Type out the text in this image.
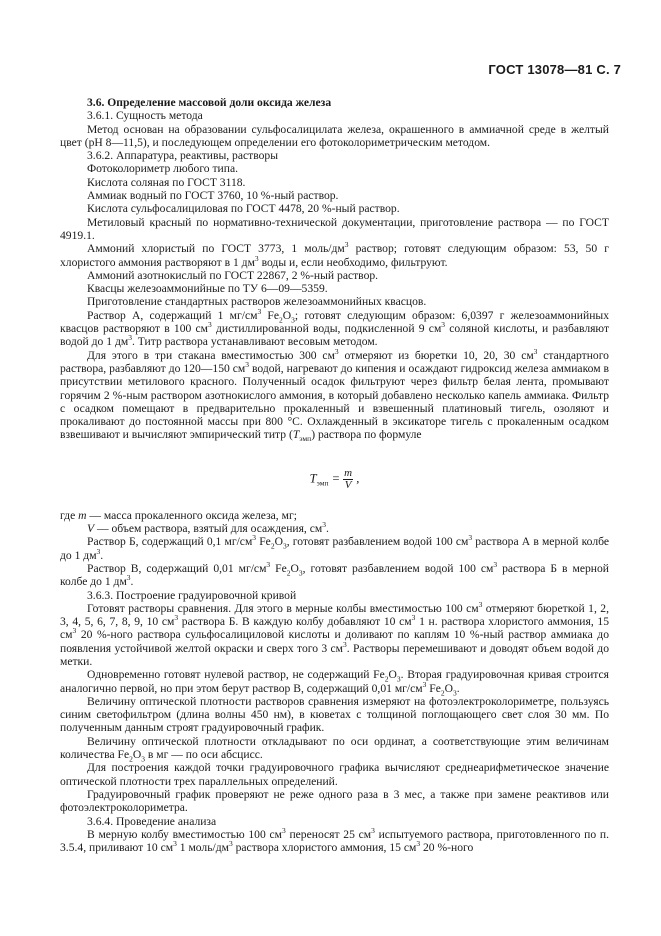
ГОСТ 13078—81 С. 7

3.6. Определение массовой доли оксида железа

3.6.1. Сущность метода

Метод основан на образовании сульфосалицилата железа, окрашенного в аммиачной среде в желтый цвет (рН 8—11,5), и последующем определении его фотоколориметрическим методом.

3.6.2. Аппаратура, реактивы, растворы

Фотоколориметр любого типа.

Кислота соляная по ГОСТ 3118.

Аммиак водный по ГОСТ 3760, 10 %-ный раствор.

Кислота сульфосалициловая по ГОСТ 4478, 20 %-ный раствор.

Метиловый красный по нормативно-технической документации, приготовление раствора — по ГОСТ 4919.1.

Аммоний хлористый по ГОСТ 3773, 1 моль/$дм^3$ раствор; готовят следующим образом: 53, 50 г хлористого аммония растворяют в 1 $дм^3$ воды и, если необходимо, фильтруют.

Аммоний азотнокислый по ГОСТ 22867, 2 %-ный раствор.

Квасцы железоаммонийные по ТУ 6—09—5359.

Приготовление стандартных растворов железоаммонийных квасцов.

Раствор А, содержащий 1 $мг/см^3$ $Fe_2O_3$; готовят следующим образом: 6,0397 г железоаммонийных квасцов растворяют в 100 $см^3$ дистиллированной воды, подкисленной 9 $см^3$ соляной кислоты, и разбавляют водой до 1 $дм^3$. Титр раствора устанавливают весовым методом.

Для этого в три стакана вместимостью 300 $см^3$ отмеряют из бюретки 10, 20, 30 $см^3$ стандартного раствора, разбавляют до 120—150 $см^3$ водой, нагревают до кипения и осаждают гидроксид железа аммиаком в присутствии метилового красного. Полученный осадок фильтруют через фильтр белая лента, промывают горячим 2 %-ным раствором азотнокислого аммония, в который добавлено несколько капель аммиака. Фильтр с осадком помещают в предварительно прокаленный и взвешенный платиновый тигель, озоляют и прокаливают до постоянной массы при 800 °С. Охлажденный в эксикаторе тигель с прокаленным осадком взвешивают и вычисляют эмпирический титр $(T_{эмп})$ раствора по формуле

$T_{эмп} = \frac{m}{V}$ ,

где m — масса прокаленного оксида железа, мг;

V — объем раствора, взятый для осаждения, $см^3$.

Раствор Б, содержащий 0,1 $мг/см^3$ $Fe_2O_3$, готовят разбавлением водой 100 $см^3$ раствора А в мерной колбе до 1 $дм^3$.

Раствор В, содержащий 0,01 $мг/см^3$ $Fe_2O_3$, готовят разбавлением водой 100 $см^3$ раствора Б в мерной колбе до 1 $дм^3$.

3.6.3. Построение градуировочной кривой

Готовят растворы сравнения. Для этого в мерные колбы вместимостью 100 $см^3$ отмеряют бюреткой 1, 2, 3, 4, 5, 6, 7, 8, 9, 10 $см^3$ раствора Б. В каждую колбу добавляют 10 $см^3$ 1 н. раствора хлористого аммония, 15 $см^3$ 20 %-ного раствора сульфосалициловой кислоты и доливают по каплям 10 %-ный раствор аммиака до появления устойчивой желтой окраски и сверх того 3 $см^3$. Растворы перемешивают и доводят объем водой до метки.

Одновременно готовят нулевой раствор, не содержащий $Fe_2O_3$. Вторая градуировочная кривая строится аналогично первой, но при этом берут раствор В, содержащий 0,01 $мг/см^3$ $Fe_2O_3$.

Величину оптической плотности растворов сравнения измеряют на фотоэлектроколориметре, пользуясь синим светофильтром (длина волны 450 нм), в кюветах с толщиной поглощающего свет слоя 30 мм. По полученным данным строят градуировочный график.

Величину оптической плотности откладывают по оси ординат, а соответствующие этим величинам количества $Fe_2O_3$ в мг — по оси абсцисс.

Для построения каждой точки градуировочного графика вычисляют среднеарифметическое значение оптической плотности трех параллельных определений.

Градуировочный график проверяют не реже одного раза в 3 мес, а также при замене реактивов или фотоэлектроколориметра.

3.6.4. Проведение анализа

В мерную колбу вместимостью 100 $см^3$ переносят 25 $см^3$ испытуемого раствора, приготовленного по п. 3.5.4, приливают 10 $см^3$ 1 моль/$дм^3$ раствора хлористого аммония, 15 $см^3$ 20 %-ного
